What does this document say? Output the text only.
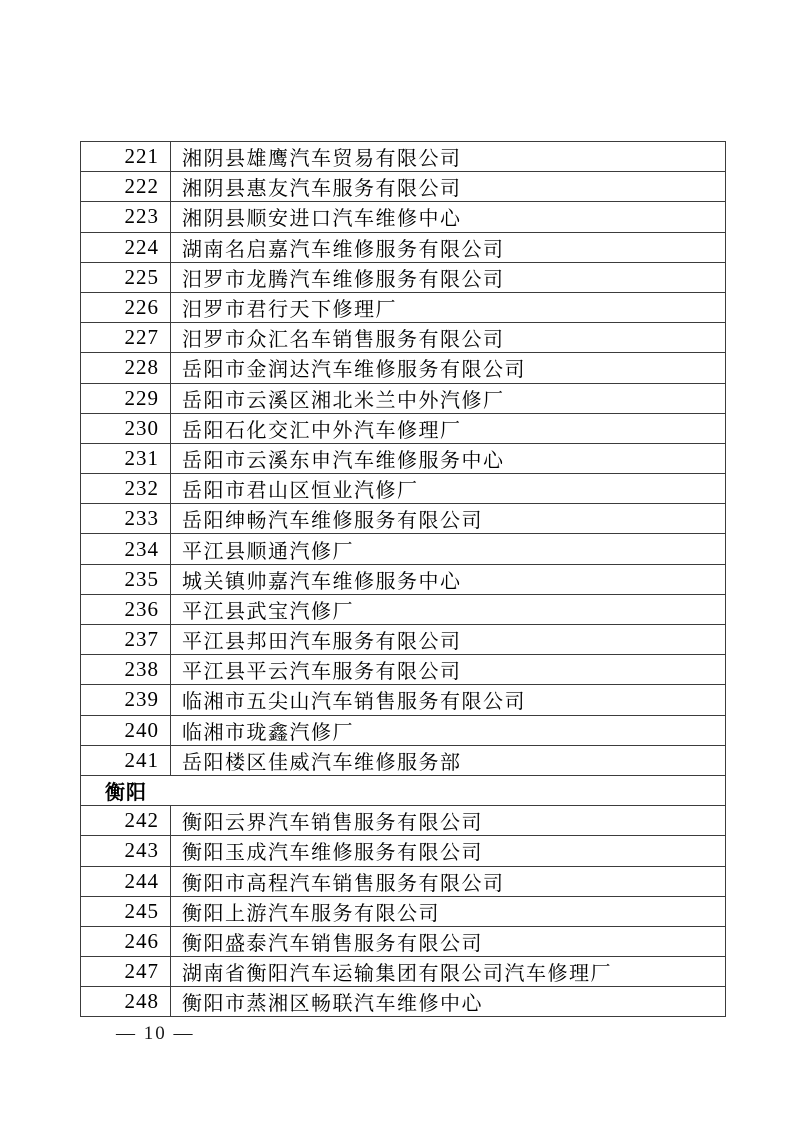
221	湘阴县雄鹰汽车贸易有限公司
222	湘阴县惠友汽车服务有限公司
223	湘阴县顺安进口汽车维修中心
224	湖南名启嘉汽车维修服务有限公司
225	汨罗市龙腾汽车维修服务有限公司
226	汨罗市君行天下修理厂
227	汨罗市众汇名车销售服务有限公司
228	岳阳市金润达汽车维修服务有限公司
229	岳阳市云溪区湘北米兰中外汽修厂
230	岳阳石化交汇中外汽车修理厂
231	岳阳市云溪东申汽车维修服务中心
232	岳阳市君山区恒业汽修厂
233	岳阳绅畅汽车维修服务有限公司
234	平江县顺通汽修厂
235	城关镇帅嘉汽车维修服务中心
236	平江县武宝汽修厂
237	平江县邦田汽车服务有限公司
238	平江县平云汽车服务有限公司
239	临湘市五尖山汽车销售服务有限公司
240	临湘市珑鑫汽修厂
241	岳阳楼区佳威汽车维修服务部
衡阳	
242	衡阳云界汽车销售服务有限公司
243	衡阳玉成汽车维修服务有限公司
244	衡阳市高程汽车销售服务有限公司
245	衡阳上游汽车服务有限公司
246	衡阳盛泰汽车销售服务有限公司
247	湖南省衡阳汽车运输集团有限公司汽车修理厂
248	衡阳市蒸湘区畅联汽车维修中心
— 10 —
